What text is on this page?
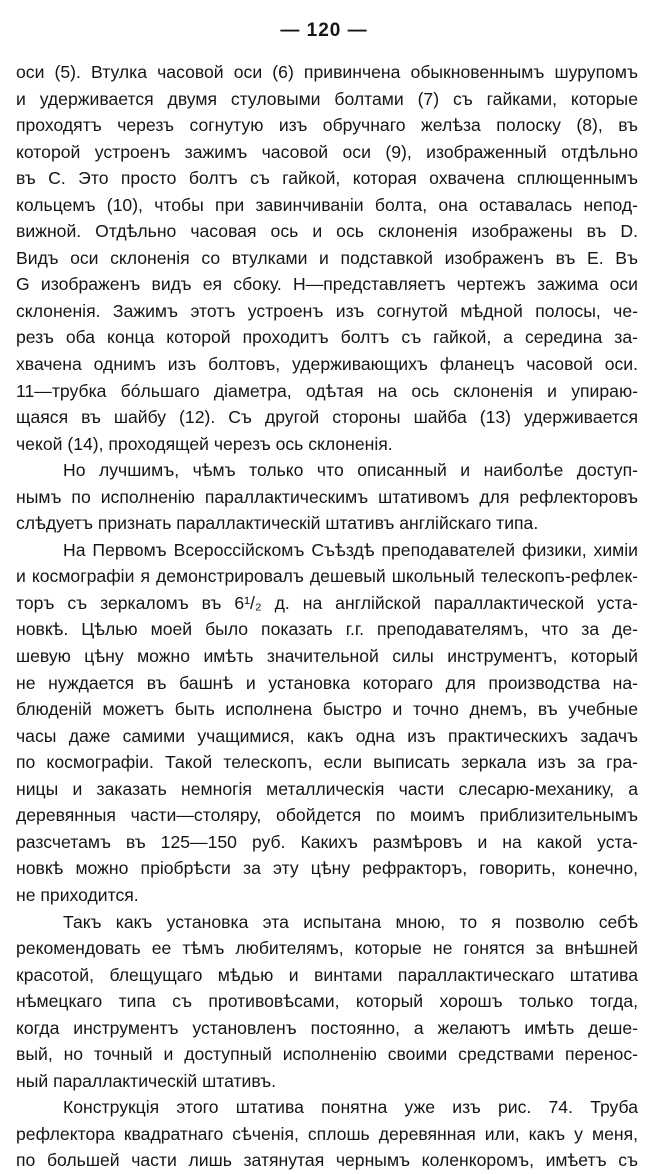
— 120 —
оси (5). Втулка часовой оси (6) привинчена обыкновеннымъ шурупомъ
и удерживается двумя стуловыми болтами (7) съ гайками, которые
проходятъ черезъ согнутую изъ обручнаго желѣза полоску (8), въ
которой устроенъ зажимъ часовой оси (9), изображенный отдѣльно
въ С. Это просто болтъ съ гайкой, которая охвачена сплющеннымъ
кольцемъ (10), чтобы при завинчиваніи болта, она оставалась непод-
вижной. Отдѣльно часовая ось и ось склоненія изображены въ D.
Видъ оси склоненія со втулками и подставкой изображенъ въ Е. Въ
G изображенъ видъ ея сбоку. Н—представляетъ чертежъ зажима оси
склоненія. Зажимъ этотъ устроенъ изъ согнутой мѣдной полосы, че-
резъ оба конца которой проходитъ болтъ съ гайкой, а середина за-
хвачена однимъ изъ болтовъ, удерживающихъ фланецъ часовой оси.
11—трубка бóльшаго діаметра, одѣтая на ось склоненія и упираю-
щаяся въ шайбу (12). Съ другой стороны шайба (13) удерживается
чекой (14), проходящей черезъ ось склоненія.
Но лучшимъ, чѣмъ только что описанный и наиболѣе доступ-
нымъ по исполненію параллактическимъ штативомъ для рефлекторовъ
слѣдуетъ признать параллактическій штативъ англійскаго типа.
На Первомъ Всероссійскомъ Съѣздѣ преподавателей физики, химіи
и космографіи я демонстрировалъ дешевый школьный телескопъ-рефлек-
торъ съ зеркаломъ въ 6¹/₂ д. на англійской параллактической уста-
новкѣ. Цѣлью моей было показать г.г. преподавателямъ, что за де-
шевую цѣну можно имѣть значительной силы инструментъ, который
не нуждается въ башнѣ и установка котораго для производства на-
блюденій можетъ быть исполнена быстро и точно днемъ, въ учебные
часы даже самими учащимися, какъ одна изъ практическихъ задачъ
по космографіи. Такой телескопъ, если выписать зеркала изъ за гра-
ницы и заказать немногія металлическія части слесарю-механику, а
деревянныя части—столяру, обойдется по моимъ приблизительнымъ
разсчетамъ въ 125—150 руб. Какихъ размѣровъ и на какой уста-
новкѣ можно пріобрѣсти за эту цѣну рефракторъ, говорить, конечно,
не приходится.
Такъ какъ установка эта испытана мною, то я позволю себѣ
рекомендовать ее тѣмъ любителямъ, которые не гонятся за внѣшней
красотой, блещущаго мѣдью и винтами параллактическаго штатива
нѣмецкаго типа съ противовѣсами, который хорошъ только тогда,
когда инструментъ установленъ постоянно, а желаютъ имѣть деше-
вый, но точный и доступный исполненію своими средствами перенос-
ный параллактическій штативъ.
Конструкція этого штатива понятна уже изъ рис. 74. Труба
рефлектора квадратнаго сѣченія, сплошь деревянная или, какъ у меня,
по большей части лишь затянутая чернымъ коленкоромъ, имѣетъ съ
